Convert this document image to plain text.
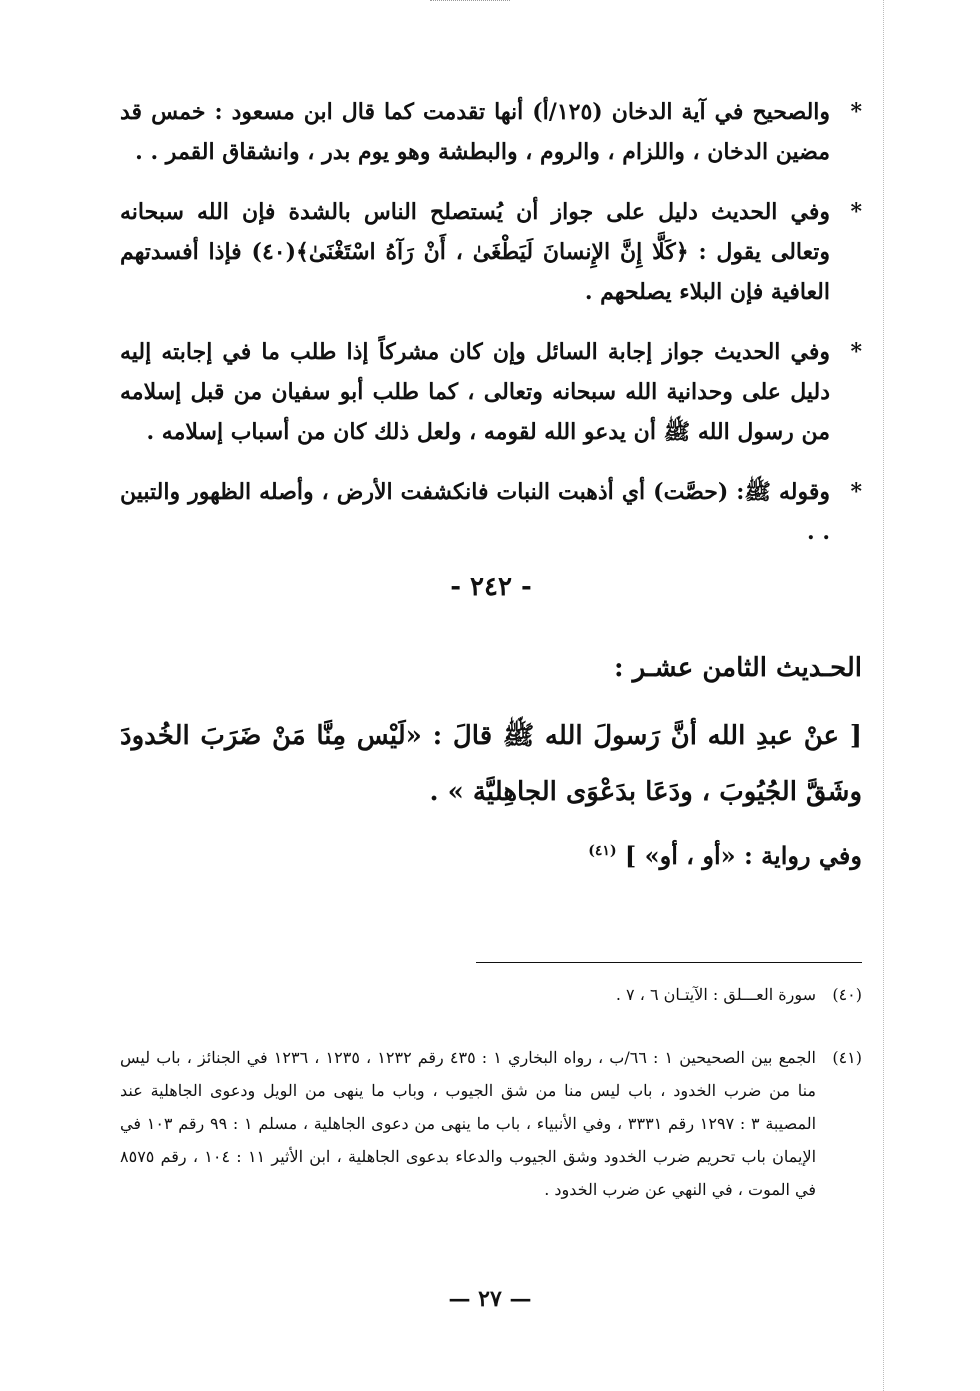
*
والصحيح في آية الدخان (١٢٥/أ) أنها تقدمت كما قال ابن مسعود : خمس قد مضين الدخان ، واللزام ، والروم ، والبطشة وهو يوم بدر ، وانشقاق القمر . .

*
وفي الحديث دليل على جواز أن يُستصلح الناس بالشدة فإن الله سبحانه وتعالى يقول : ﴿كَلَّا إِنَّ الإِنسانَ لَيَطْغَىٰ ، أَنْ رَآهُ اسْتَغْنَىٰ﴾(٤٠) فإذا أفسدتهم العافية فإن البلاء يصلحهم .

*
وفي الحديث جواز إجابة السائل وإن كان مشركاً إذا طلب ما في إجابته إليه دليل على وحدانية الله سبحانه وتعالى ، كما طلب أبو سفيان من قبل إسلامه من رسول الله ﷺ أن يدعو الله لقومه ، ولعل ذلك كان من أسباب إسلامه .

*
وقوله ﷺ: (حصَّت) أي أذهبت النبات فانكشفت الأرض ، وأصله الظهور والتبين . .

- ٢٤٢ -
الحـديث الثامن عشـر :

[ عنْ عبدِ الله أنَّ رَسولَ الله ﷺ قالَ : «لَيْس مِنَّا مَنْ ضَرَبَ الخُدودَ وشَقَّ الجُيُوبَ ، ودَعَا بدَعْوَى الجاهِليَّة » .

وفي رواية : «أو ، أو» ] $^{(٤١)}$

(٤٠)
سورة العـــلق : الآيتـان ٦ ، ٧ .

(٤١)
الجمع بين الصحيحين ١ : ٦٦/ب ، رواه البخاري ١ : ٤٣٥ رقم ١٢٣٢ ، ١٢٣٥ ، ١٢٣٦ في الجنائز ، باب ليس منا من ضرب الخدود ، باب ليس منا من شق الجيوب ، وباب ما ينهى من الويل ودعوى الجاهلية عند المصيبة ٣ : ١٢٩٧ رقم ٣٣٣١ ، وفي الأنبياء ، باب ما ينهى من دعوى الجاهلية ، مسلم ١ : ٩٩ رقم ١٠٣ في الإيمان باب تحريم ضرب الخدود وشق الجيوب والدعاء بدعوى الجاهلية ، ابن الأثير ١١ : ١٠٤ ، رقم ٨٥٧٥ في الموت ، في النهي عن ضرب الخدود .

— ٢٧ —
